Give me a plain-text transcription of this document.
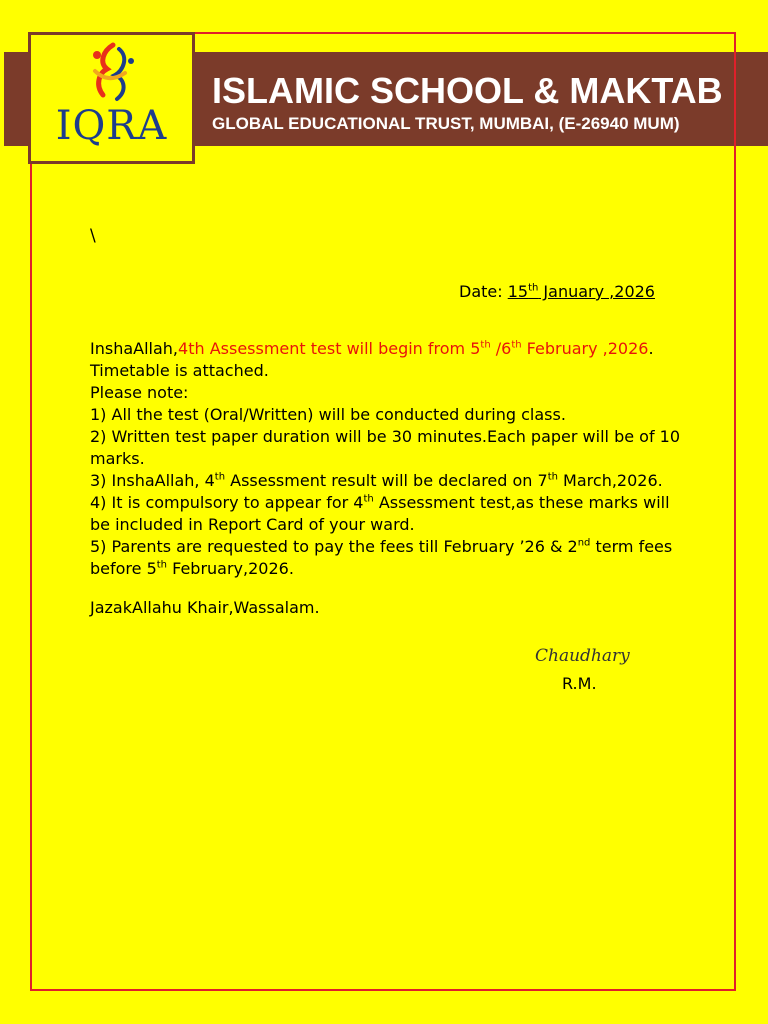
IQRA
ISLAMIC SCHOOL & MAKTAB
GLOBAL EDUCATIONAL TRUST, MUMBAI, (E-26940 MUM)
\
Date: 15th January ,2026

InshaAllah,4th Assessment test will begin from 5th /6th February ,2026.

Timetable is attached.

Please note:

1) All the test (Oral/Written) will be conducted during class.

2) Written test paper duration will be 30 minutes.Each paper will be of 10 marks.

3) InshaAllah, 4th Assessment result will be declared on 7th March,2026.

4) It is compulsory to appear for 4th Assessment test,as these marks will be included in Report Card of your ward.

5) Parents are requested to pay the fees till February ’26 & 2nd term fees before 5th February,2026.

JazakAllahu Khair,Wassalam.
Chaudhary
R.M.
